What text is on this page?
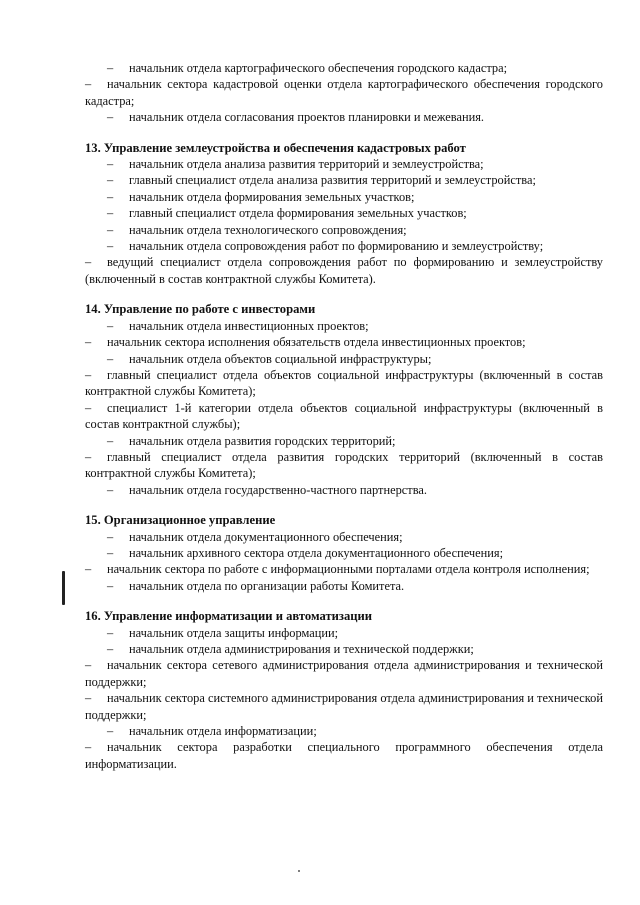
– начальник отдела картографического обеспечения городского кадастра;

– начальник сектора кадастровой оценки отдела картографического обеспечения городского кадастра;

– начальник отдела согласования проектов планировки и межевания.

13. Управление землеустройства и обеспечения кадастровых работ

– начальник отдела анализа развития территорий и землеустройства;

– главный специалист отдела анализа развития территорий и землеустройства;

– начальник отдела формирования земельных участков;

– главный специалист отдела формирования земельных участков;

– начальник отдела технологического сопровождения;

– начальник отдела сопровождения работ по формированию и землеустройству;

– ведущий специалист отдела сопровождения работ по формированию и землеустройству (включенный в состав контрактной службы Комитета).

14. Управление по работе с инвесторами

– начальник отдела инвестиционных проектов;

– начальник сектора исполнения обязательств отдела инвестиционных проектов;

– начальник отдела объектов социальной инфраструктуры;

– главный специалист отдела объектов социальной инфраструктуры (включенный в состав контрактной службы Комитета);

– специалист 1-й категории отдела объектов социальной инфраструктуры (включенный в состав контрактной службы);

– начальник отдела развития городских территорий;

– главный специалист отдела развития городских территорий (включенный в состав контрактной службы Комитета);

– начальник отдела государственно-частного партнерства.

15. Организационное управление

– начальник отдела документационного обеспечения;

– начальник архивного сектора отдела документационного обеспечения;

– начальник сектора по работе с информационными порталами отдела контроля исполнения;

– начальник отдела по организации работы Комитета.

16. Управление информатизации и автоматизации

– начальник отдела защиты информации;

– начальник отдела администрирования и технической поддержки;

– начальник сектора сетевого администрирования отдела администрирования и технической поддержки;

– начальник сектора системного администрирования отдела администрирования и технической поддержки;

– начальник отдела информатизации;

– начальник сектора разработки специального программного обеспечения отдела информатизации.
